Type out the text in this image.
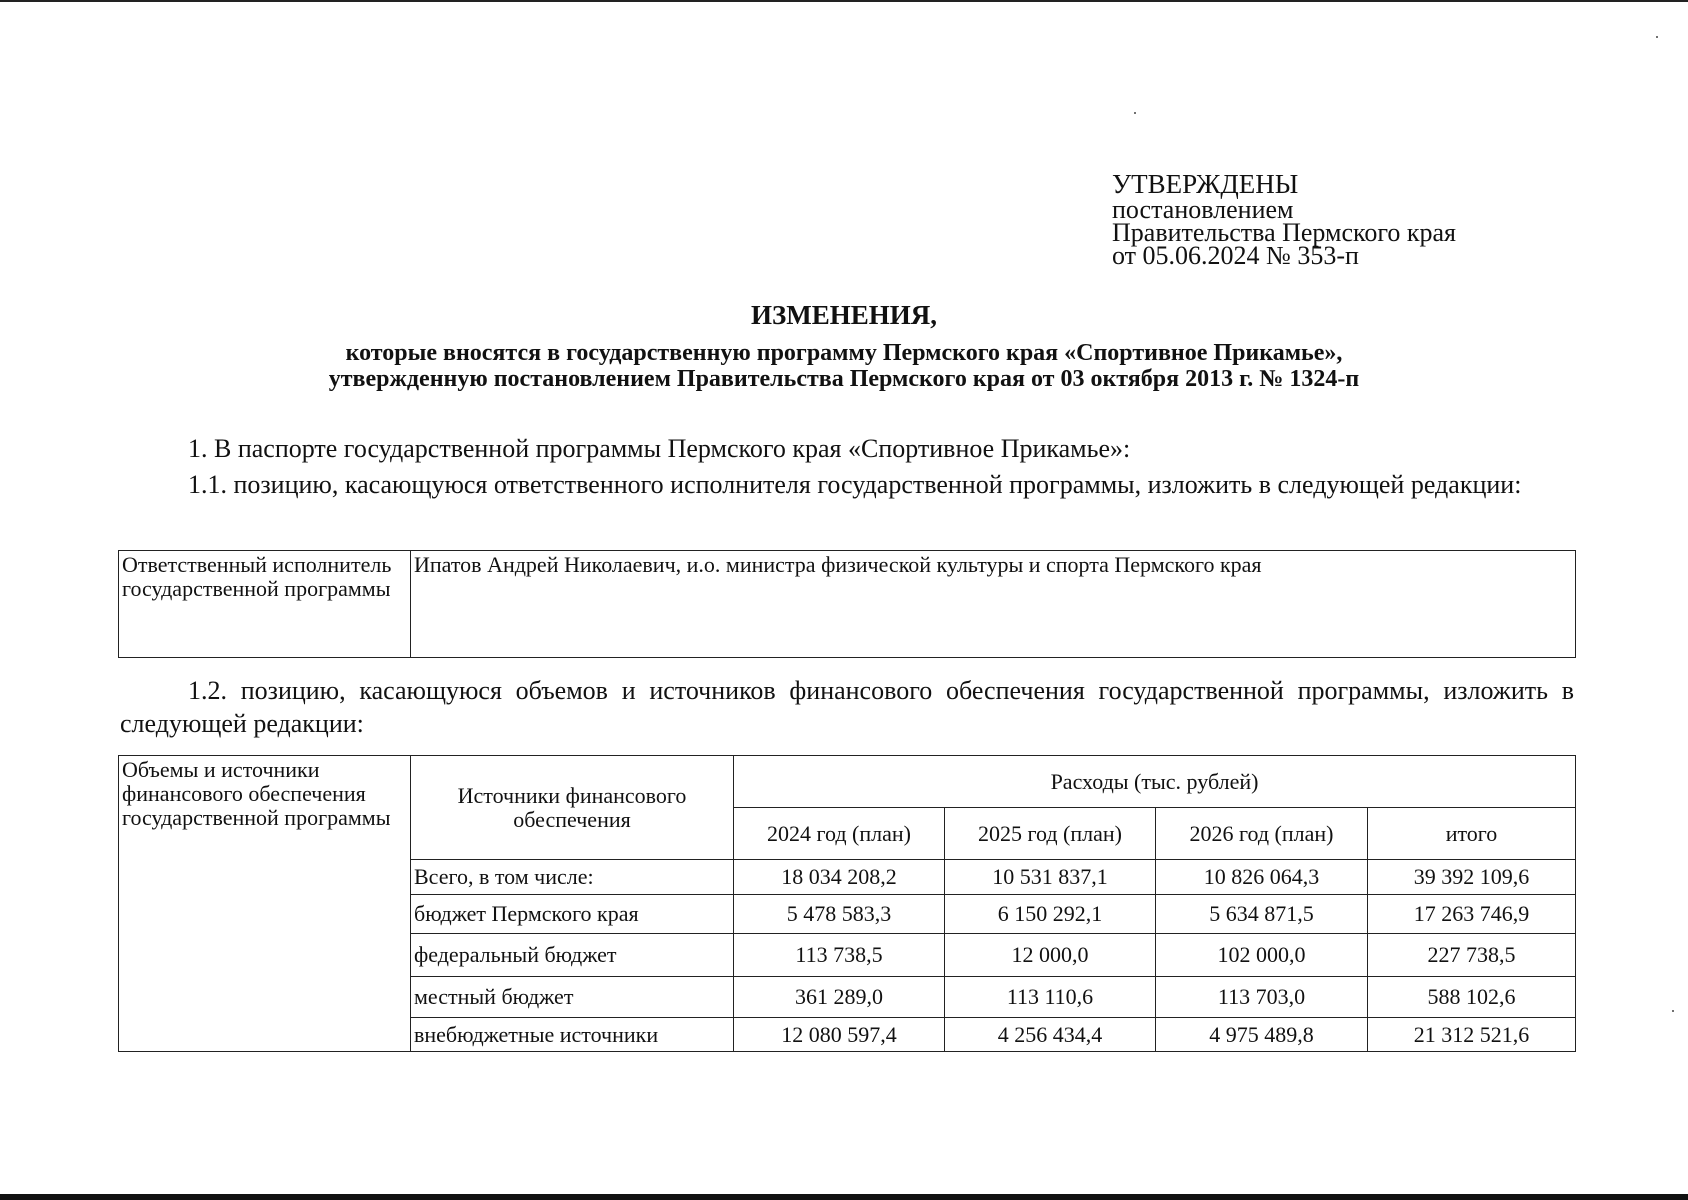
УТВЕРЖДЕНЫ
постановлением
Правительства Пермского края
от 05.06.2024 № 353-п
ИЗМЕНЕНИЯ,
которые вносятся в государственную программу Пермского края «Спортивное Прикамье»,
утвержденную постановлением Правительства Пермского края от 03 октября 2013 г. № 1324-п
1. В паспорте государственной программы Пермского края «Спортивное Прикамье»:
1.1. позицию, касающуюся ответственного исполнителя государственной программы, изложить в следующей редакции:
Ответственный исполнитель государственной программы	Ипатов Андрей Николаевич, и.о. министра физической культуры и спорта Пермского края
1.2. позицию, касающуюся объемов и источников финансового обеспечения государственной программы, изложить в следующей редакции:
Объемы и источники финансового обеспечения государственной программы	Источники финансового обеспечения	Расходы (тыс. рублей)			
		2024 год (план)	2025 год (план)	2026 год (план)	итого
	Всего, в том числе:	18 034 208,2	10 531 837,1	10 826 064,3	39 392 109,6
	бюджет Пермского края	5 478 583,3	6 150 292,1	5 634 871,5	17 263 746,9
	федеральный бюджет	113 738,5	12 000,0	102 000,0	227 738,5
	местный бюджет	361 289,0	113 110,6	113 703,0	588 102,6
	внебюджетные источники	12 080 597,4	4 256 434,4	4 975 489,8	21 312 521,6
